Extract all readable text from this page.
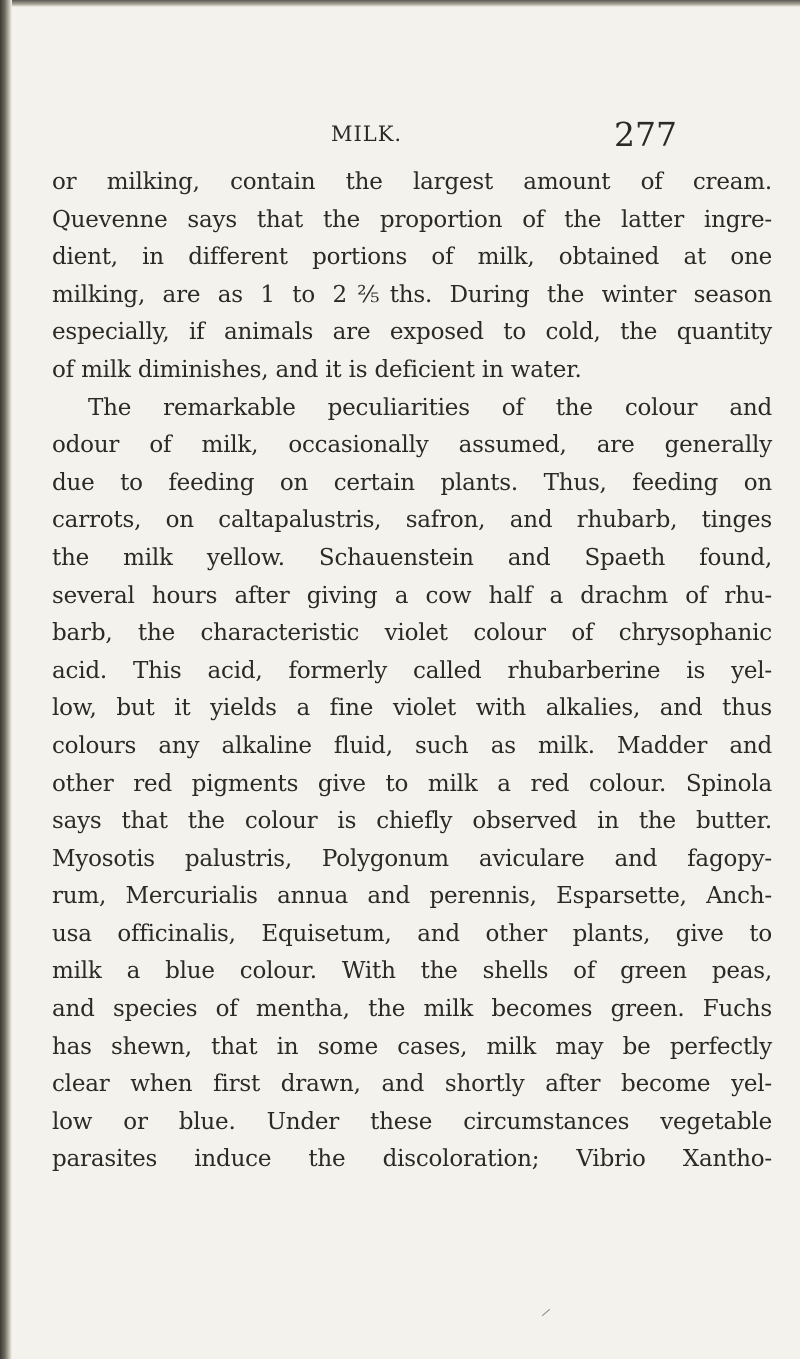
MILK.	277
or milking, contain the largest amount of cream.
Quevenne says that the proportion of the latter ingre-
dient, in different portions of milk, obtained at one
milking, are as 1 to 2⅖ths. During the winter season
especially, if animals are exposed to cold, the quantity
of milk diminishes, and it is deficient in water.
The remarkable peculiarities of the colour and
odour of milk, occasionally assumed, are generally
due to feeding on certain plants. Thus, feeding on
carrots, on caltapalustris, safron, and rhubarb, tinges
the milk yellow. Schauenstein and Spaeth found,
several hours after giving a cow half a drachm of rhu-
barb, the characteristic violet colour of chrysophanic
acid. This acid, formerly called rhubarberine is yel-
low, but it yields a fine violet with alkalies, and thus
colours any alkaline fluid, such as milk. Madder and
other red pigments give to milk a red colour. Spinola
says that the colour is chiefly observed in the butter.
Myosotis palustris, Polygonum aviculare and fagopy-
rum, Mercurialis annua and perennis, Esparsette, Anch-
usa officinalis, Equisetum, and other plants, give to
milk a blue colour. With the shells of green peas,
and species of mentha, the milk becomes green. Fuchs
has shewn, that in some cases, milk may be perfectly
clear when first drawn, and shortly after become yel-
low or blue. Under these circumstances vegetable
parasites induce the discoloration; Vibrio Xantho-
